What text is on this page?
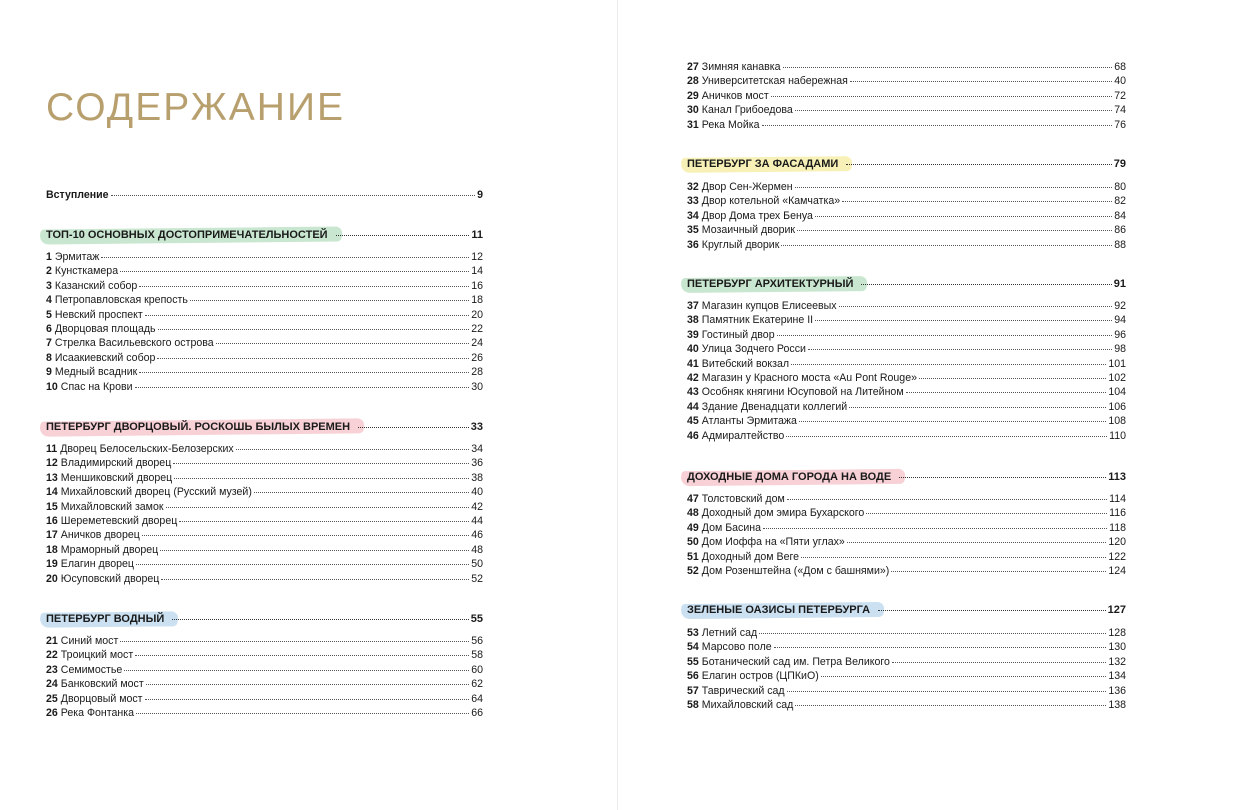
СОДЕРЖАНИЕ
Вступление	9
ТОП-10 ОСНОВНЫХ ДОСТОПРИМЕЧАТЕЛЬНОСТЕЙ	11
1 Эрмитаж	12
2 Кунсткамера	14
3 Казанский собор	16
4 Петропавловская крепость	18
5 Невский проспект	20
6 Дворцовая площадь	22
7 Стрелка Васильевского острова	24
8 Исаакиевский собор	26
9 Медный всадник	28
10 Спас на Крови	30
ПЕТЕРБУРГ ДВОРЦОВЫЙ. РОСКОШЬ БЫЛЫХ ВРЕМЕН	33
11 Дворец Белосельских-Белозерских	34
12 Владимирский дворец	36
13 Меншиковский дворец	38
14 Михайловский дворец (Русский музей)	40
15 Михайловский замок	42
16 Шереметевский дворец	44
17 Аничков дворец	46
18 Мраморный дворец	48
19 Елагин дворец	50
20 Юсуповский дворец	52
ПЕТЕРБУРГ ВОДНЫЙ	55
21 Синий мост	56
22 Троицкий мост	58
23 Семимостье	60
24 Банковский мост	62
25 Дворцовый мост	64
26 Река Фонтанка	66
27 Зимняя канавка	68
28 Университетская набережная	40
29 Аничков мост	72
30 Канал Грибоедова	74
31 Река Мойка	76
ПЕТЕРБУРГ ЗА ФАСАДАМИ	79
32 Двор Сен-Жермен	80
33 Двор котельной «Камчатка»	82
34 Двор Дома трех Бенуа	84
35 Мозаичный дворик	86
36 Круглый дворик	88
ПЕТЕРБУРГ АРХИТЕКТУРНЫЙ	91
37 Магазин купцов Елисеевых	92
38 Памятник Екатерине II	94
39 Гостиный двор	96
40 Улица Зодчего Росси	98
41 Витебский вокзал	101
42 Магазин у Красного моста «Au Pont Rouge»	102
43 Особняк княгини Юсуповой на Литейном	104
44 Здание Двенадцати коллегий	106
45 Атланты Эрмитажа	108
46 Адмиралтейство	110
ДОХОДНЫЕ ДОМА ГОРОДА НА ВОДЕ	113
47 Толстовский дом	114
48 Доходный дом эмира Бухарского	116
49 Дом Басина	118
50 Дом Иоффа на «Пяти углах»	120
51 Доходный дом Веге	122
52 Дом Розенштейна («Дом с башнями»)	124
ЗЕЛЕНЫЕ ОАЗИСЫ ПЕТЕРБУРГА	127
53 Летний сад	128
54 Марсово поле	130
55 Ботанический сад им. Петра Великого	132
56 Елагин остров (ЦПКиО)	134
57 Таврический сад	136
58 Михайловский сад	138
